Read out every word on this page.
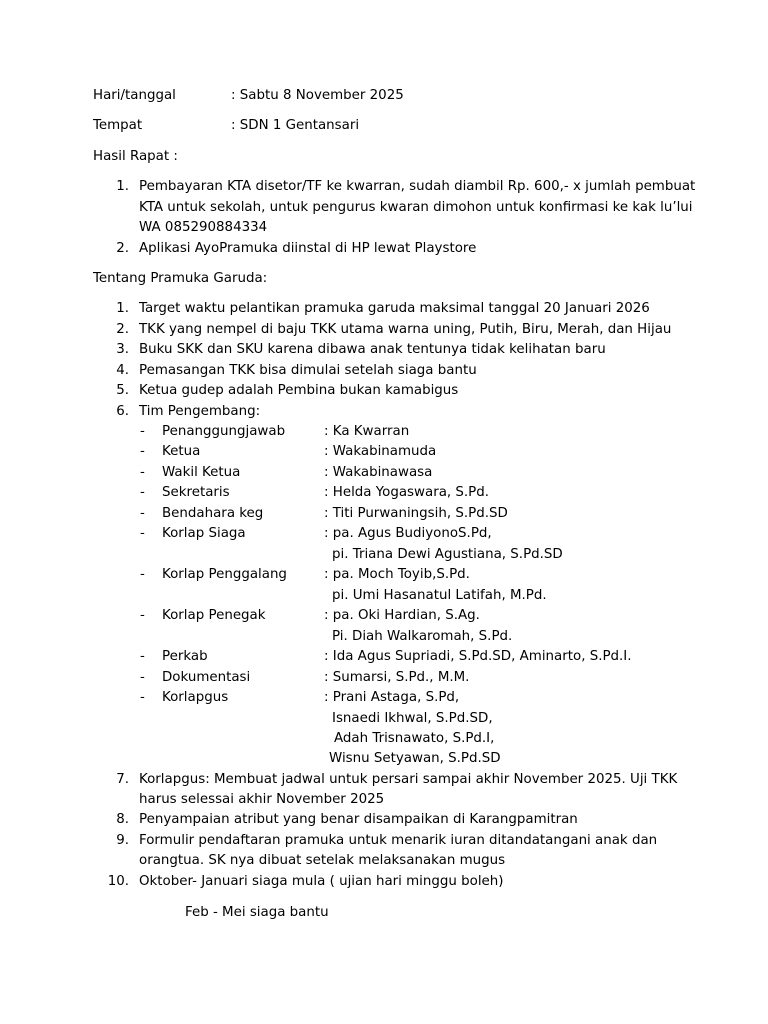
Hari/tanggal	: Sabtu 8 November 2025
Tempat	: SDN 1 Gentansari
Hasil Rapat :
1. Pembayaran KTA disetor/TF ke kwarran, sudah diambil Rp. 600,- x jumlah pembuat
KTA untuk sekolah, untuk pengurus kwaran dimohon untuk konfirmasi ke kak lu’lui
WA 085290884334
2. Aplikasi AyoPramuka diinstal di HP lewat Playstore
Tentang Pramuka Garuda:
1. Target waktu pelantikan pramuka garuda maksimal tanggal 20 Januari 2026
2. TKK yang nempel di baju TKK utama warna uning, Putih, Biru, Merah, dan Hijau
3. Buku SKK dan SKU karena dibawa anak tentunya tidak kelihatan baru
4. Pemasangan TKK bisa dimulai setelah siaga bantu
5. Ketua gudep adalah Pembina bukan kamabigus
6. Tim Pengembang:
- Penanggungjawab	: Ka Kwarran
- Ketua	: Wakabinamuda
- Wakil Ketua	: Wakabinawasa
- Sekretaris	: Helda Yogaswara, S.Pd.
- Bendahara keg	: Titi Purwaningsih, S.Pd.SD
- Korlap Siaga	: pa. Agus BudiyonoS.Pd,
pi. Triana Dewi Agustiana, S.Pd.SD
- Korlap Penggalang	: pa. Moch Toyib,S.Pd.
pi. Umi Hasanatul Latifah, M.Pd.
- Korlap Penegak	: pa. Oki Hardian, S.Ag.
Pi. Diah Walkaromah, S.Pd.
- Perkab	: Ida Agus Supriadi, S.Pd.SD, Aminarto, S.Pd.I.
- Dokumentasi	: Sumarsi, S.Pd., M.M.
- Korlapgus	: Prani Astaga, S.Pd,
Isnaedi Ikhwal, S.Pd.SD,
Adah Trisnawato, S.Pd.I,
Wisnu Setyawan, S.Pd.SD
7. Korlapgus: Membuat jadwal untuk persari sampai akhir November 2025. Uji TKK
harus selessai akhir November 2025
8. Penyampaian atribut yang benar disampaikan di Karangpamitran
9. Formulir pendaftaran pramuka untuk menarik iuran ditandatangani anak dan
orangtua. SK nya dibuat setelak melaksanakan mugus
10. Oktober- Januari siaga mula ( ujian hari minggu boleh)
Feb - Mei siaga bantu
